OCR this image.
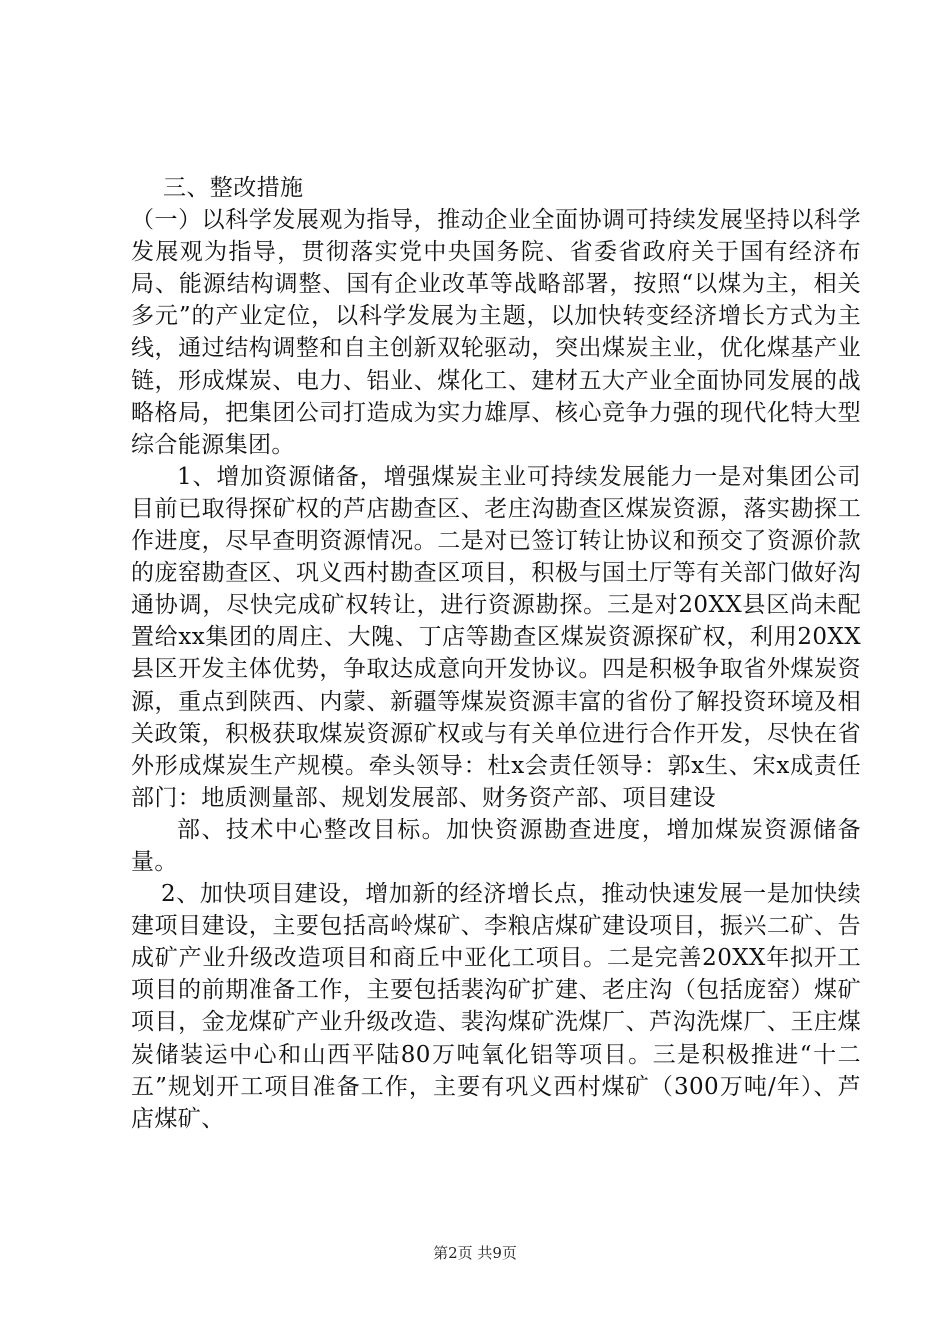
三、整改措施

（一）以科学发展观为指导，推动企业全面协调可持续发展坚持以科学发展观为指导，贯彻落实党中央国务院、省委省政府关于国有经济布局、能源结构调整、国有企业改革等战略部署，按照“以煤为主，相关多元”的产业定位，以科学发展为主题，以加快转变经济增长方式为主线，通过结构调整和自主创新双轮驱动，突出煤炭主业，优化煤基产业链，形成煤炭、电力、铝业、煤化工、建材五大产业全面协同发展的战略格局，把集团公司打造成为实力雄厚、核心竞争力强的现代化特大型综合能源集团。

1、增加资源储备，增强煤炭主业可持续发展能力一是对集团公司目前已取得探矿权的芦店勘查区、老庄沟勘查区煤炭资源，落实勘探工作进度，尽早查明资源情况。二是对已签订转让协议和预交了资源价款的庞窑勘查区、巩义西村勘查区项目，积极与国土厅等有关部门做好沟通协调，尽快完成矿权转让，进行资源勘探。三是对20XX县区尚未配置给xx集团的周庄、大隗、丁店等勘查区煤炭资源探矿权，利用20XX县区开发主体优势，争取达成意向开发协议。四是积极争取省外煤炭资源，重点到陕西、内蒙、新疆等煤炭资源丰富的省份了解投资环境及相关政策，积极获取煤炭资源矿权或与有关单位进行合作开发，尽快在省外形成煤炭生产规模。牵头领导：杜x会责任领导：郭x生、宋x成责任部门：地质测量部、规划发展部、财务资产部、项目建设

部、技术中心整改目标。加快资源勘查进度，增加煤炭资源储备量。

2、加快项目建设，增加新的经济增长点，推动快速发展一是加快续建项目建设，主要包括高岭煤矿、李粮店煤矿建设项目，振兴二矿、告成矿产业升级改造项目和商丘中亚化工项目。二是完善20XX年拟开工项目的前期准备工作，主要包括裴沟矿扩建、老庄沟（包括庞窑）煤矿项目，金龙煤矿产业升级改造、裴沟煤矿洗煤厂、芦沟洗煤厂、王庄煤炭储装运中心和山西平陆80万吨氧化铝等项目。三是积极推进“十二五”规划开工项目准备工作，主要有巩义西村煤矿（300万吨/年）、芦店煤矿、

第2页 共9页
